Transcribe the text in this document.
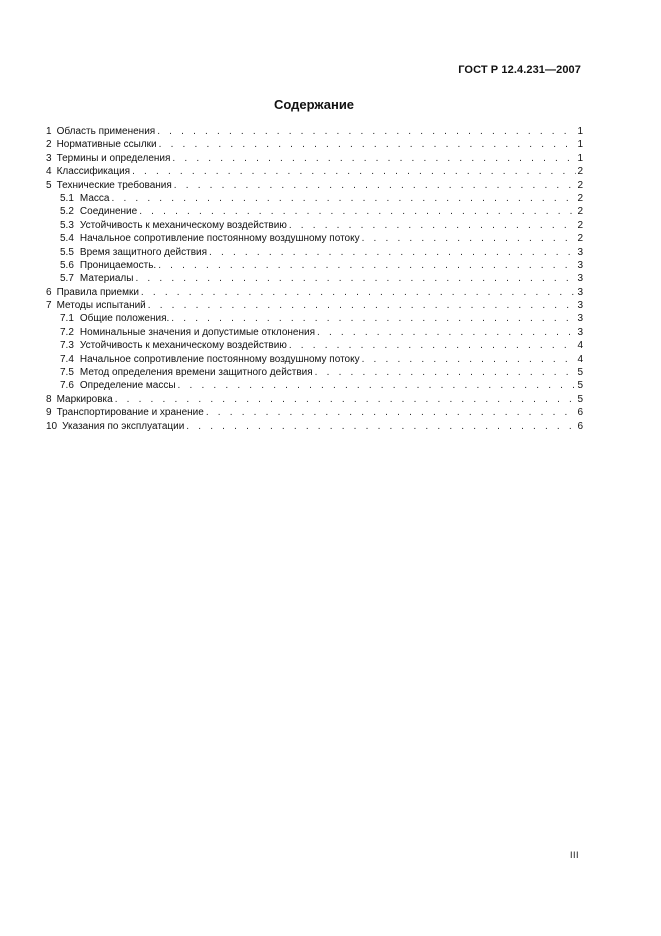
ГОСТ Р 12.4.231—2007
Содержание
1 Область применения . . .	1
2 Нормативные ссылки . . .	1
3 Термины и определения . . .	1
4 Классификация . . .	2
5 Технические требования . . .	2
5.1 Масса . . .	2
5.2 Соединение . . .	2
5.3 Устойчивость к механическому воздействию . . .	2
5.4 Начальное сопротивление постоянному воздушному потоку . . .	2
5.5 Время защитного действия . . .	3
5.6 Проницаемость. . . .	3
5.7 Материалы . . .	3
6 Правила приемки . . .	3
7 Методы испытаний . . .	3
7.1 Общие положения. . . .	3
7.2 Номинальные значения и допустимые отклонения . . .	3
7.3 Устойчивость к механическому воздействию . . .	4
7.4 Начальное сопротивление постоянному воздушному потоку . . .	4
7.5 Метод определения времени защитного действия . . .	5
7.6 Определение массы . . .	5
8 Маркировка . . .	5
9 Транспортирование и хранение . . .	6
10 Указания по эксплуатации . . .	6
III
